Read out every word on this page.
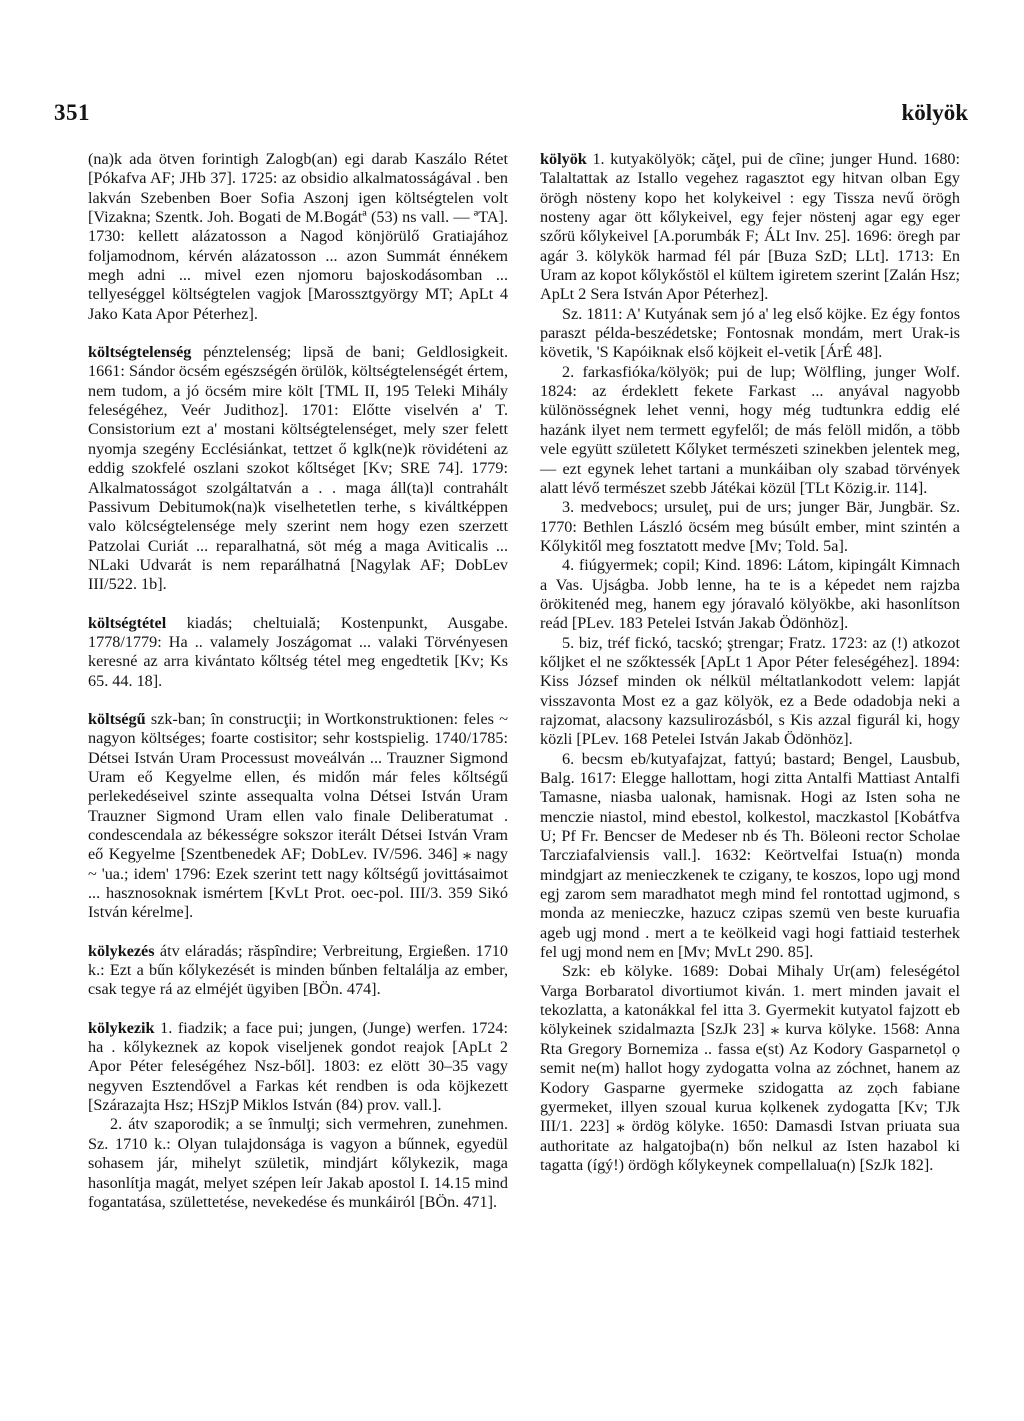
351	kölyök

(na)k ada ötven forintigh Zalogb(an) egi darab Kaszálo Rétet [Pókafva AF; JHb 37]. 1725: az obsidio alkalmatosságával . ben lakván Szebenben Boer Sofia Aszonj igen költségtelen volt [Vizakna; Szentk. Joh. Bogati de M.Bogátª (53) ns vall. — ªTA]. 1730: kellett alázatosson a Nagod könjörülő Gratiajához foljamodnom, kérvén alázatosson ... azon Summát énnékem megh adni ... mivel ezen njomoru bajoskodásomban ... tellyeséggel költségtelen vagjok [Marossztgyörgy MT; ApLt 4 Jako Kata Apor Péterhez].

költségtelenség pénztelenség; lipsă de bani; Geldlosigkeit. 1661: Sándor öcsém egészségén örülök, költségtelenségét értem, nem tudom, a jó öcsém mire költ [TML II, 195 Teleki Mihály feleségéhez, Veér Judithoz]. 1701: Előtte viselvén a' T. Consistorium ezt a' mostani költségtelenséget, mely szer felett nyomja szegény Ecclésiánkat, tettzet ő kglk(ne)k rövidéteni az eddig szokfelé oszlani szokot kőltséget [Kv; SRE 74]. 1779: Alkalmatosságot szolgáltatván a . . maga áll(ta)l contrahált Passivum Debitumok(na)k viselhetetlen terhe, s kiváltképpen valo kölcségtelensége mely szerint nem hogy ezen szerzett Patzolai Curiát ... reparalhatná, söt még a maga Aviticalis ... NLaki Udvarát is nem reparálhatná [Nagylak AF; DobLev III/522. 1b].

költségtétel kiadás; cheltuială; Kostenpunkt, Ausgabe. 1778/1779: Ha .. valamely Joszágomat ... valaki Törvényesen keresné az arra kivántato kőltség tétel meg engedtetik [Kv; Ks 65. 44. 18].

költségű szk-ban; în construcţii; in Wortkonstruktionen: feles ~ nagyon költséges; foarte costisitor; sehr kostspielig. 1740/1785: Détsei István Uram Processust moveálván ... Trauzner Sigmond Uram eő Kegyelme ellen, és midőn már feles kőltségű perlekedéseivel szinte assequalta volna Détsei István Uram Trauzner Sigmond Uram ellen valo finale Deliberatumat . condescendala az békességre sokszor iterált Détsei István Vram eő Kegyelme [Szentbenedek AF; DobLev. IV/596. 346] ⁎ nagy ~ 'ua.; idem' 1796: Ezek szerint tett nagy kőltségű jovittásaimot ... hasznosoknak ismértem [KvLt Prot. oec-pol. III/3. 359 Sikó István kérelme].

kölykezés átv eláradás; răspîndire; Verbreitung, Ergießen. 1710 k.: Ezt a bűn kőlykezését is minden bűnben feltalálja az ember, csak tegye rá az elméjét ügyiben [BÖn. 474].

kölykezik 1. fiadzik; a face pui; jungen, (Junge) werfen. 1724: ha . kőlykeznek az kopok viseljenek gondot reajok [ApLt 2 Apor Péter feleségéhez Nsz-ből]. 1803: ez elött 30–35 vagy negyven Esztendővel a Farkas két rendben is oda köjkezett [Szárazajta Hsz; HSzjP Miklos István (84) prov. vall.].

2. átv szaporodik; a se înmulţi; sich vermehren, zunehmen. Sz. 1710 k.: Olyan tulajdonsága is vagyon a bűnnek, egyedül sohasem jár, mihelyt születik, mindjárt kőlykezik, maga hasonlítja magát, melyet szépen leír Jakab apostol I. 14.15 mind fogantatása, születtetése, nevekedése és munkáiról [BÖn. 471].

kölyök 1. kutyakölyök; căţel, pui de cîine; junger Hund. 1680: Talaltattak az Istallo vegehez ragasztot egy hitvan olban Egy örögh nösteny kopo het kolykeivel : egy Tissza nevű örögh nosteny agar ött kőlykeivel, egy fejer nöstenj agar egy eger szőrü kőlykeivel [A.porumbák F; ÁLt Inv. 25]. 1696: öregh par agár 3. kölykök harmad fél pár [Buza SzD; LLt]. 1713: En Uram az kopot kőlykőstöl el kültem igiretem szerint [Zalán Hsz; ApLt 2 Sera István Apor Péterhez].

Sz. 1811: A' Kutyának sem jó a' leg első köjke. Ez égy fontos paraszt példa-beszédetske; Fontosnak mondám, mert Urak-is követik, 'S Kapóiknak első köjkeit el-vetik [ÁrÉ 48].

2. farkasfióka/kölyök; pui de lup; Wölfling, junger Wolf. 1824: az érdeklett fekete Farkast ... anyával nagyobb különösségnek lehet venni, hogy még tudtunkra eddig elé hazánk ilyet nem termett egyfelől; de más felöll midőn, a több vele együtt született Kőlyket természeti szinekben jelentek meg, — ezt egynek lehet tartani a munkáiban oly szabad törvények alatt lévő természet szebb Játékai közül [TLt Közig.ir. 114].

3. medvebocs; ursuleţ, pui de urs; junger Bär, Jungbär. Sz. 1770: Bethlen László öcsém meg búsúlt ember, mint szintén a Kőlykitől meg fosztatott medve [Mv; Told. 5a].

4. fiúgyermek; copil; Kind. 1896: Látom, kipingált Kimnach a Vas. Ujságba. Jobb lenne, ha te is a képedet nem rajzba örökitenéd meg, hanem egy jóravaló kölyökbe, aki hasonlítson reád [PLev. 183 Petelei István Jakab Ödönhöz].

5. biz, tréf fickó, tacskó; ştrengar; Fratz. 1723: az (!) atkozot kőljket el ne szőktessék [ApLt 1 Apor Péter feleségéhez]. 1894: Kiss József minden ok nélkül méltatlankodott velem: lapját visszavonta Most ez a gaz kölyök, ez a Bede odadobja neki a rajzomat, alacsony kazsulirozásból, s Kis azzal figurál ki, hogy közli [PLev. 168 Petelei István Jakab Ödönhöz].

6. becsm eb/kutyafajzat, fattyú; bastard; Bengel, Lausbub, Balg. 1617: Elegge hallottam, hogi zitta Antalfi Mattiast Antalfi Tamasne, niasba ualonak, hamisnak. Hogi az Isten soha ne menczie niastol, mind ebestol, kolkestol, maczkastol [Kobátfva U; Pf Fr. Bencser de Medeser nb és Th. Böleoni rector Scholae Tarcziafalviensis vall.]. 1632: Keörtvelfai Istua(n) monda mindgjart az menieczkenek te czigany, te koszos, lopo ugj mond egj zarom sem maradhatot megh mind fel rontottad ugjmond, s monda az menieczke, hazucz czipas szemü ven beste kuruafia ageb ugj mond . mert a te keölkeid vagi hogi fattiaid testerhek fel ugj mond nem en [Mv; MvLt 290. 85].

Szk: eb kölyke. 1689: Dobai Mihaly Ur(am) feleségétol Varga Borbaratol divortiumot kiván. 1. mert minden javait el tekozlatta, a katonákkal fel itta 3. Gyermekit kutyatol fajzott eb kölykeinek szidalmazta [SzJk 23] ⁎ kurva kölyke. 1568: Anna Rta Gregory Bornemiza .. fassa e(st) Az Kodory Gasparnetọl ọ semit ne(m) hallot hogy zydogatta volna az zóchnet, hanem az Kodory Gasparne gyermeke szidogatta az zọch fabiane gyermeket, illyen szoual kurua kọlkenek zydogatta [Kv; TJk III/1. 223] ⁎ ördög kölyke. 1650: Damasdi Istvan priuata sua authoritate az halgatojba(n) bőn nelkul az Isten hazabol ki tagatta (ígý!) ördögh kőlykeynek compellalua(n) [SzJk 182].
